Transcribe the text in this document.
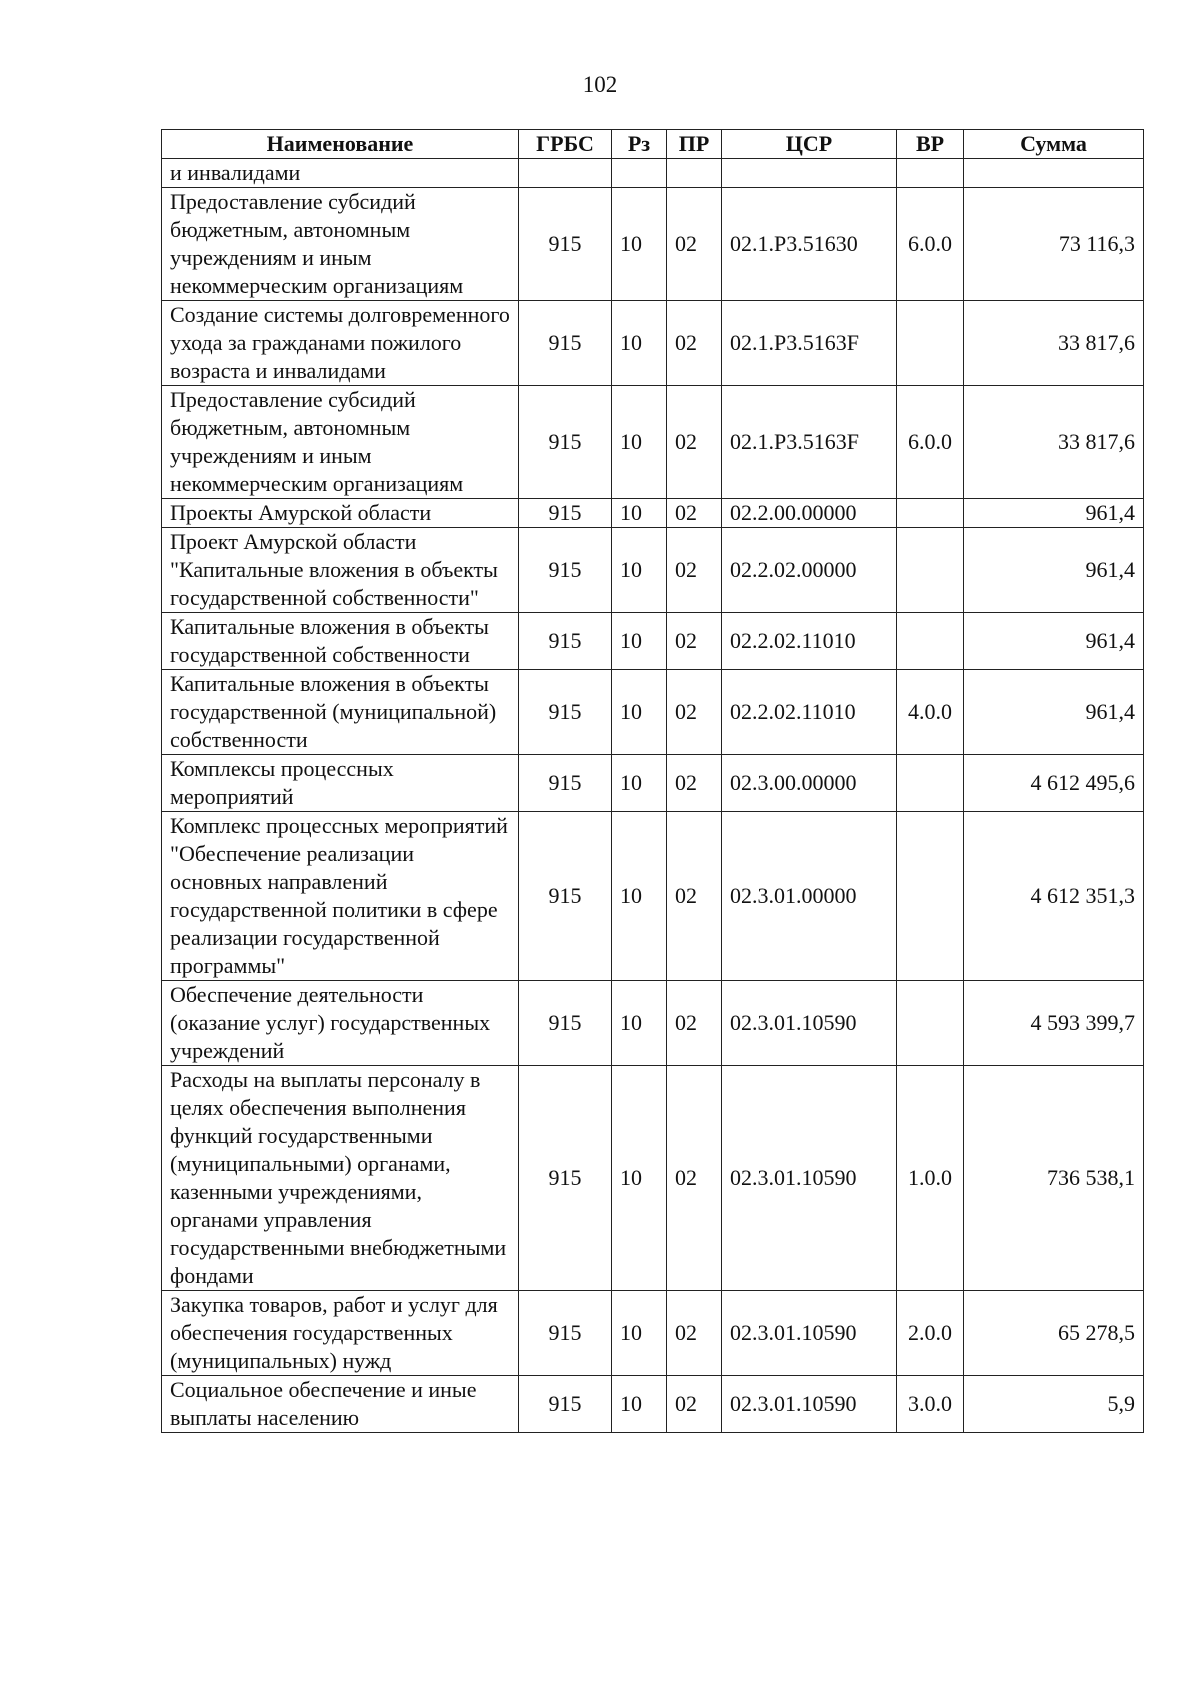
102
Наименование	ГРБС	Рз	ПР	ЦСР	ВР	Сумма
и инвалидами						
Предоставление субсидий бюджетным, автономным учреждениям и иным некоммерческим организациям	915	10	02	02.1.Р3.51630	6.0.0	73 116,3
Создание системы долговременного ухода за гражданами пожилого возраста и инвалидами	915	10	02	02.1.Р3.5163F		33 817,6
Предоставление субсидий бюджетным, автономным учреждениям и иным некоммерческим организациям	915	10	02	02.1.Р3.5163F	6.0.0	33 817,6
Проекты Амурской области	915	10	02	02.2.00.00000		961,4
Проект Амурской области "Капитальные вложения в объекты государственной собственности"	915	10	02	02.2.02.00000		961,4
Капитальные вложения в объекты государственной собственности	915	10	02	02.2.02.11010		961,4
Капитальные вложения в объекты государственной (муниципальной) собственности	915	10	02	02.2.02.11010	4.0.0	961,4
Комплексы процессных мероприятий	915	10	02	02.3.00.00000		4 612 495,6
Комплекс процессных мероприятий "Обеспечение реализации основных направлений государственной политики в сфере реализации государственной программы"	915	10	02	02.3.01.00000		4 612 351,3
Обеспечение деятельности (оказание услуг) государственных учреждений	915	10	02	02.3.01.10590		4 593 399,7
Расходы на выплаты персоналу в целях обеспечения выполнения функций государственными (муниципальными) органами, казенными учреждениями, органами управления государственными внебюджетными фондами	915	10	02	02.3.01.10590	1.0.0	736 538,1
Закупка товаров, работ и услуг для обеспечения государственных (муниципальных) нужд	915	10	02	02.3.01.10590	2.0.0	65 278,5
Социальное обеспечение и иные выплаты населению	915	10	02	02.3.01.10590	3.0.0	5,9
